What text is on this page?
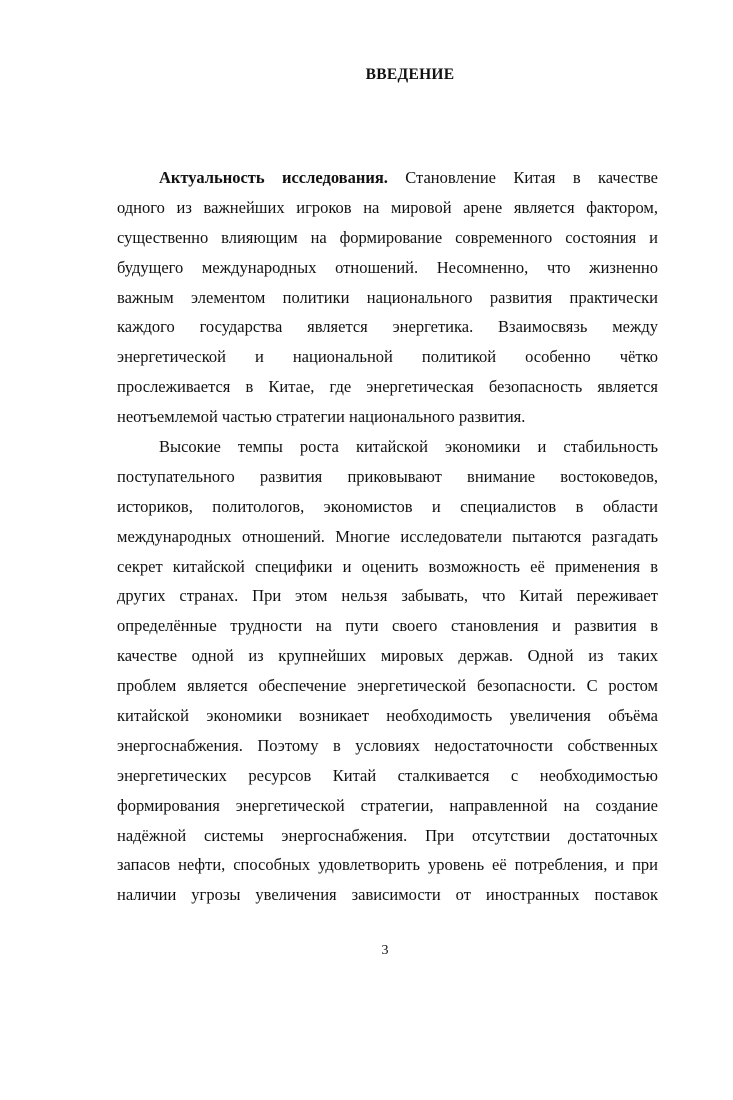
ВВЕДЕНИЕ
Актуальность исследования. Становление Китая в качестве
одного из важнейших игроков на мировой арене является фактором,
существенно влияющим на формирование современного состояния и
будущего международных отношений. Несомненно, что жизненно
важным элементом политики национального развития практически
каждого государства является энергетика. Взаимосвязь между
энергетической и национальной политикой особенно чётко
прослеживается в Китае, где энергетическая безопасность является
неотъемлемой частью стратегии национального развития.
Высокие темпы роста китайской экономики и стабильность
поступательного развития приковывают внимание востоковедов,
историков, политологов, экономистов и специалистов в области
международных отношений. Многие исследователи пытаются разгадать
секрет китайской специфики и оценить возможность её применения в
других странах. При этом нельзя забывать, что Китай переживает
определённые трудности на пути своего становления и развития в
качестве одной из крупнейших мировых держав. Одной из таких
проблем является обеспечение энергетической безопасности. С ростом
китайской экономики возникает необходимость увеличения объёма
энергоснабжения. Поэтому в условиях недостаточности собственных
энергетических ресурсов Китай сталкивается с необходимостью
формирования энергетической стратегии, направленной на создание
надёжной системы энергоснабжения. При отсутствии достаточных
запасов нефти, способных удовлетворить уровень её потребления, и при
наличии угрозы увеличения зависимости от иностранных поставок
3
